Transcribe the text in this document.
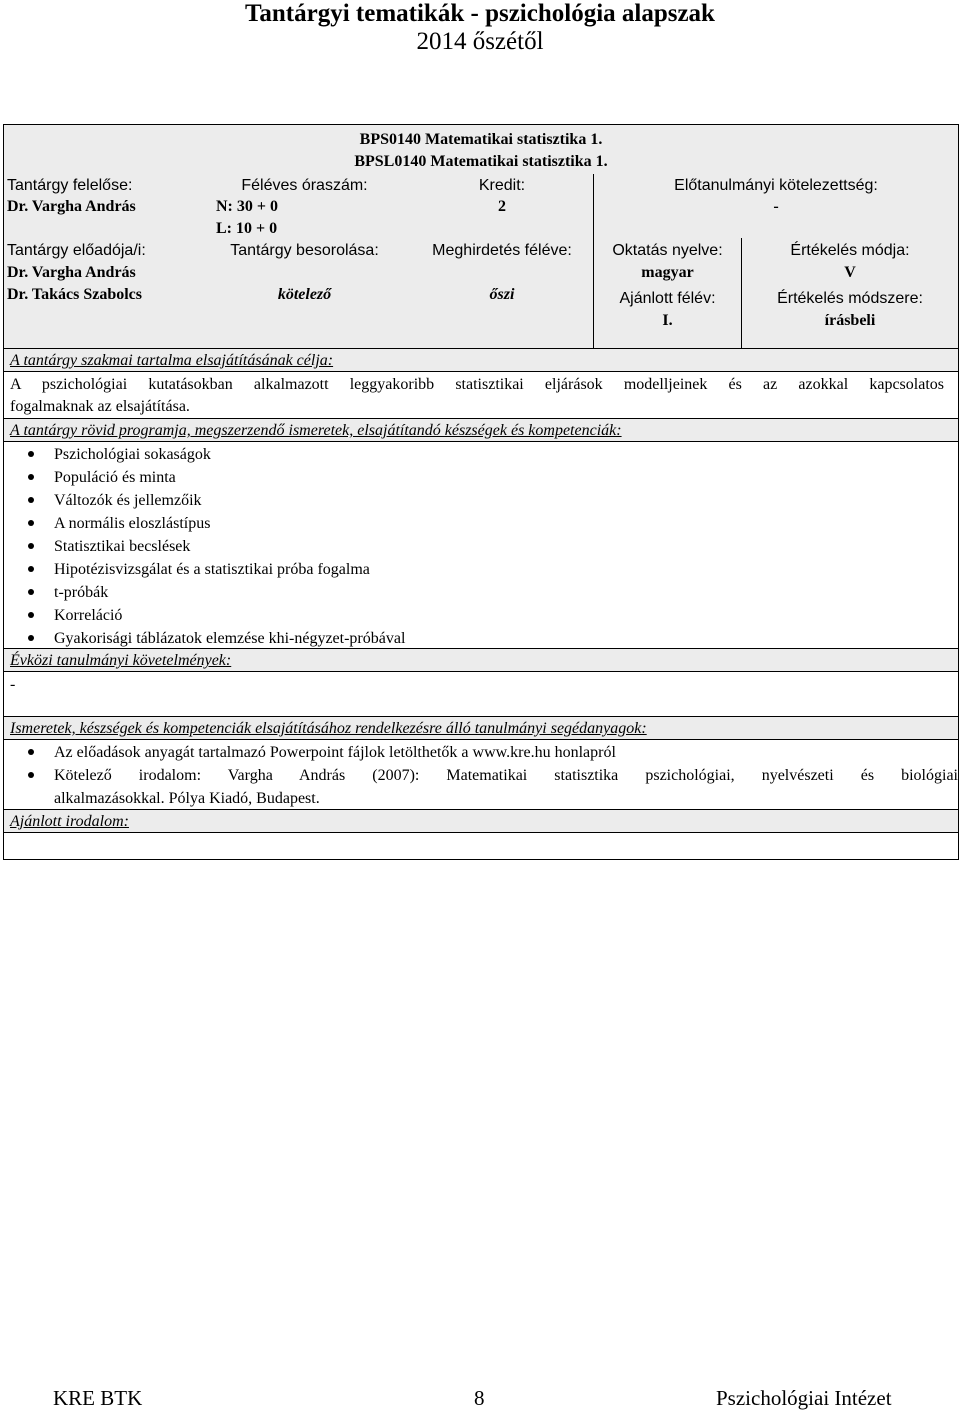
Tantárgyi tematikák - pszichológia alapszak
2014 őszétől
BPS0140 Matematikai statisztika 1.
BPSL0140 Matematikai statisztika 1.
Tantárgy felelőse:
Dr. Vargha András
Tantárgy előadója/i:
Dr. Vargha András
Dr. Takács Szabolcs
Féléves óraszám:
N: 30 + 0
L: 10 + 0
Tantárgy besorolása:
kötelező
Kredit:
2
Meghirdetés féléve:
őszi
Előtanulmányi kötelezettség:
-
Oktatás nyelve:
magyar
Ajánlott félév:
I.
Értékelés módja:
V
Értékelés módszere:
írásbeli
A tantárgy szakmai tartalma elsajátításának célja:
A pszichológiai kutatásokban alkalmazott leggyakoribb statisztikai eljárások modelljeinek és az azokkal kapcsolatos
fogalmaknak az elsajátítása.
A tantárgy rövid programja, megszerzendő ismeretek, elsajátítandó készségek és kompetenciák:
Pszichológiai sokaságok
Populáció és minta
Változók és jellemzőik
A normális eloszlástípus
Statisztikai becslések
Hipotézisvizsgálat és a statisztikai próba fogalma
t-próbák
Korreláció
Gyakorisági táblázatok elemzése khi-négyzet-próbával
Évközi tanulmányi követelmények:
-
Ismeretek, készségek és kompetenciák elsajátításához rendelkezésre álló tanulmányi segédanyagok:
Az előadások anyagát tartalmazó Powerpoint fájlok letölthetők a www.kre.hu honlapról
Kötelező irodalom: Vargha András (2007): Matematikai statisztika pszichológiai, nyelvészeti és biológiai
alkalmazásokkal. Pólya Kiadó, Budapest.
Ajánlott irodalom:
KRE BTK	8	Pszichológiai Intézet
